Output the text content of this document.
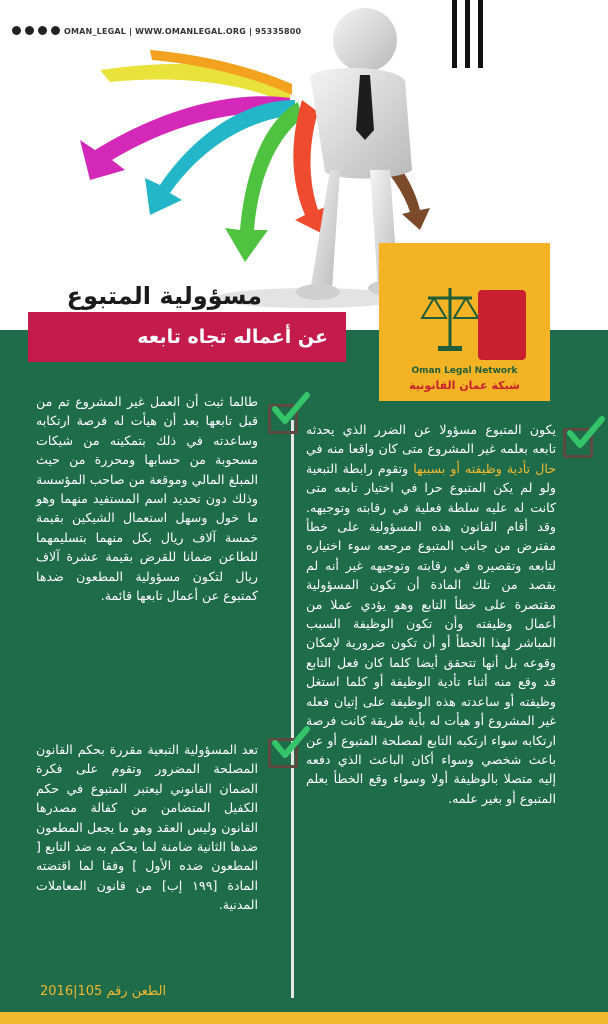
OMAN_LEGAL | WWW.OMANLEGAL.ORG | 95335800
مسؤولية المتبوع
عن أعماله تجاه تابعه
Oman Legal Network
شبكة عمان القانونية
يكون المتبوع مسؤولا عن الضرر الذي يحدثه تابعه بعلمه غير المشروع متى كان واقعا منه في حال تأدية وظيفته أو بسببها وتقوم رابطة التبعية ولو لم يكن المتبوع حرا في اختيار تابعه متى كانت له عليه سلطة فعلية في رقابته وتوجيهه. وقد أقام القانون هذه المسؤولية على خطأ مفترض من جانب المتبوع مرجعه سوء اختياره لتابعه وتقصيره في رقابته وتوجيهه غير أنه لم يقصد من تلك المادة أن تكون المسؤولية مقتصرة على خطأ التابع وهو يؤدي عملا من أعمال وظيفته وأن تكون الوظيفة السبب المباشر لهذا الخطأ أو أن تكون ضرورية لإمكان وقوعه بل أنها تتحقق أيضا كلما كان فعل التابع قد وقع منه أثناء تأدية الوظيفة أو كلما استغل وظيفته أو ساعدته هذه الوظيفة على إتيان فعله غير المشروع أو هيأت له بأية طريقة كانت فرصة ارتكابه سواء ارتكبه التابع لمصلحة المتبوع أو عن باعث شخصي وسواء أكان الباعث الذي دفعه إليه متصلا بالوظيفة أولا وسواء وقع الخطأ بعلم المتبوع أو بغير علمه.
طالما ثبت أن العمل غير المشروع تم من قبل تابعها بعد أن هيأت له فرصة ارتكابه وساعدته في ذلك بتمكينه من شيكات مسحوبة من حسابها ومحررة من حيث المبلغ المالي وموقعة من صاحب المؤسسة وذلك دون تحديد اسم المستفيد منهما وهو ما خول وسهل استعمال الشيكين بقيمة خمسة آلاف ريال بكل منهما بتسليمهما للطاعن ضمانا للقرض بقيمة عشرة آلاف ريال لتكون مسؤولية المطعون ضدها كمتبوع عن أعمال تابعها قائمة.
تعد المسؤولية التبعية مقررة بحكم القانون المصلحة المضرور وتقوم على فكرة الضمان القانوني ليعتبر المتبوع في حكم الكفيل المتضامن من كفالة مصدرها القانون وليس العقد وهو ما يجعل المطعون ضدها الثانية ضامنة لما يحكم به ضد التابع [ المطعون ضده الأول ] وفقا لما اقتضته المادة [١٩٩ إب] من قانون المعاملات المدنية.
الطعن رقم 105|2016
